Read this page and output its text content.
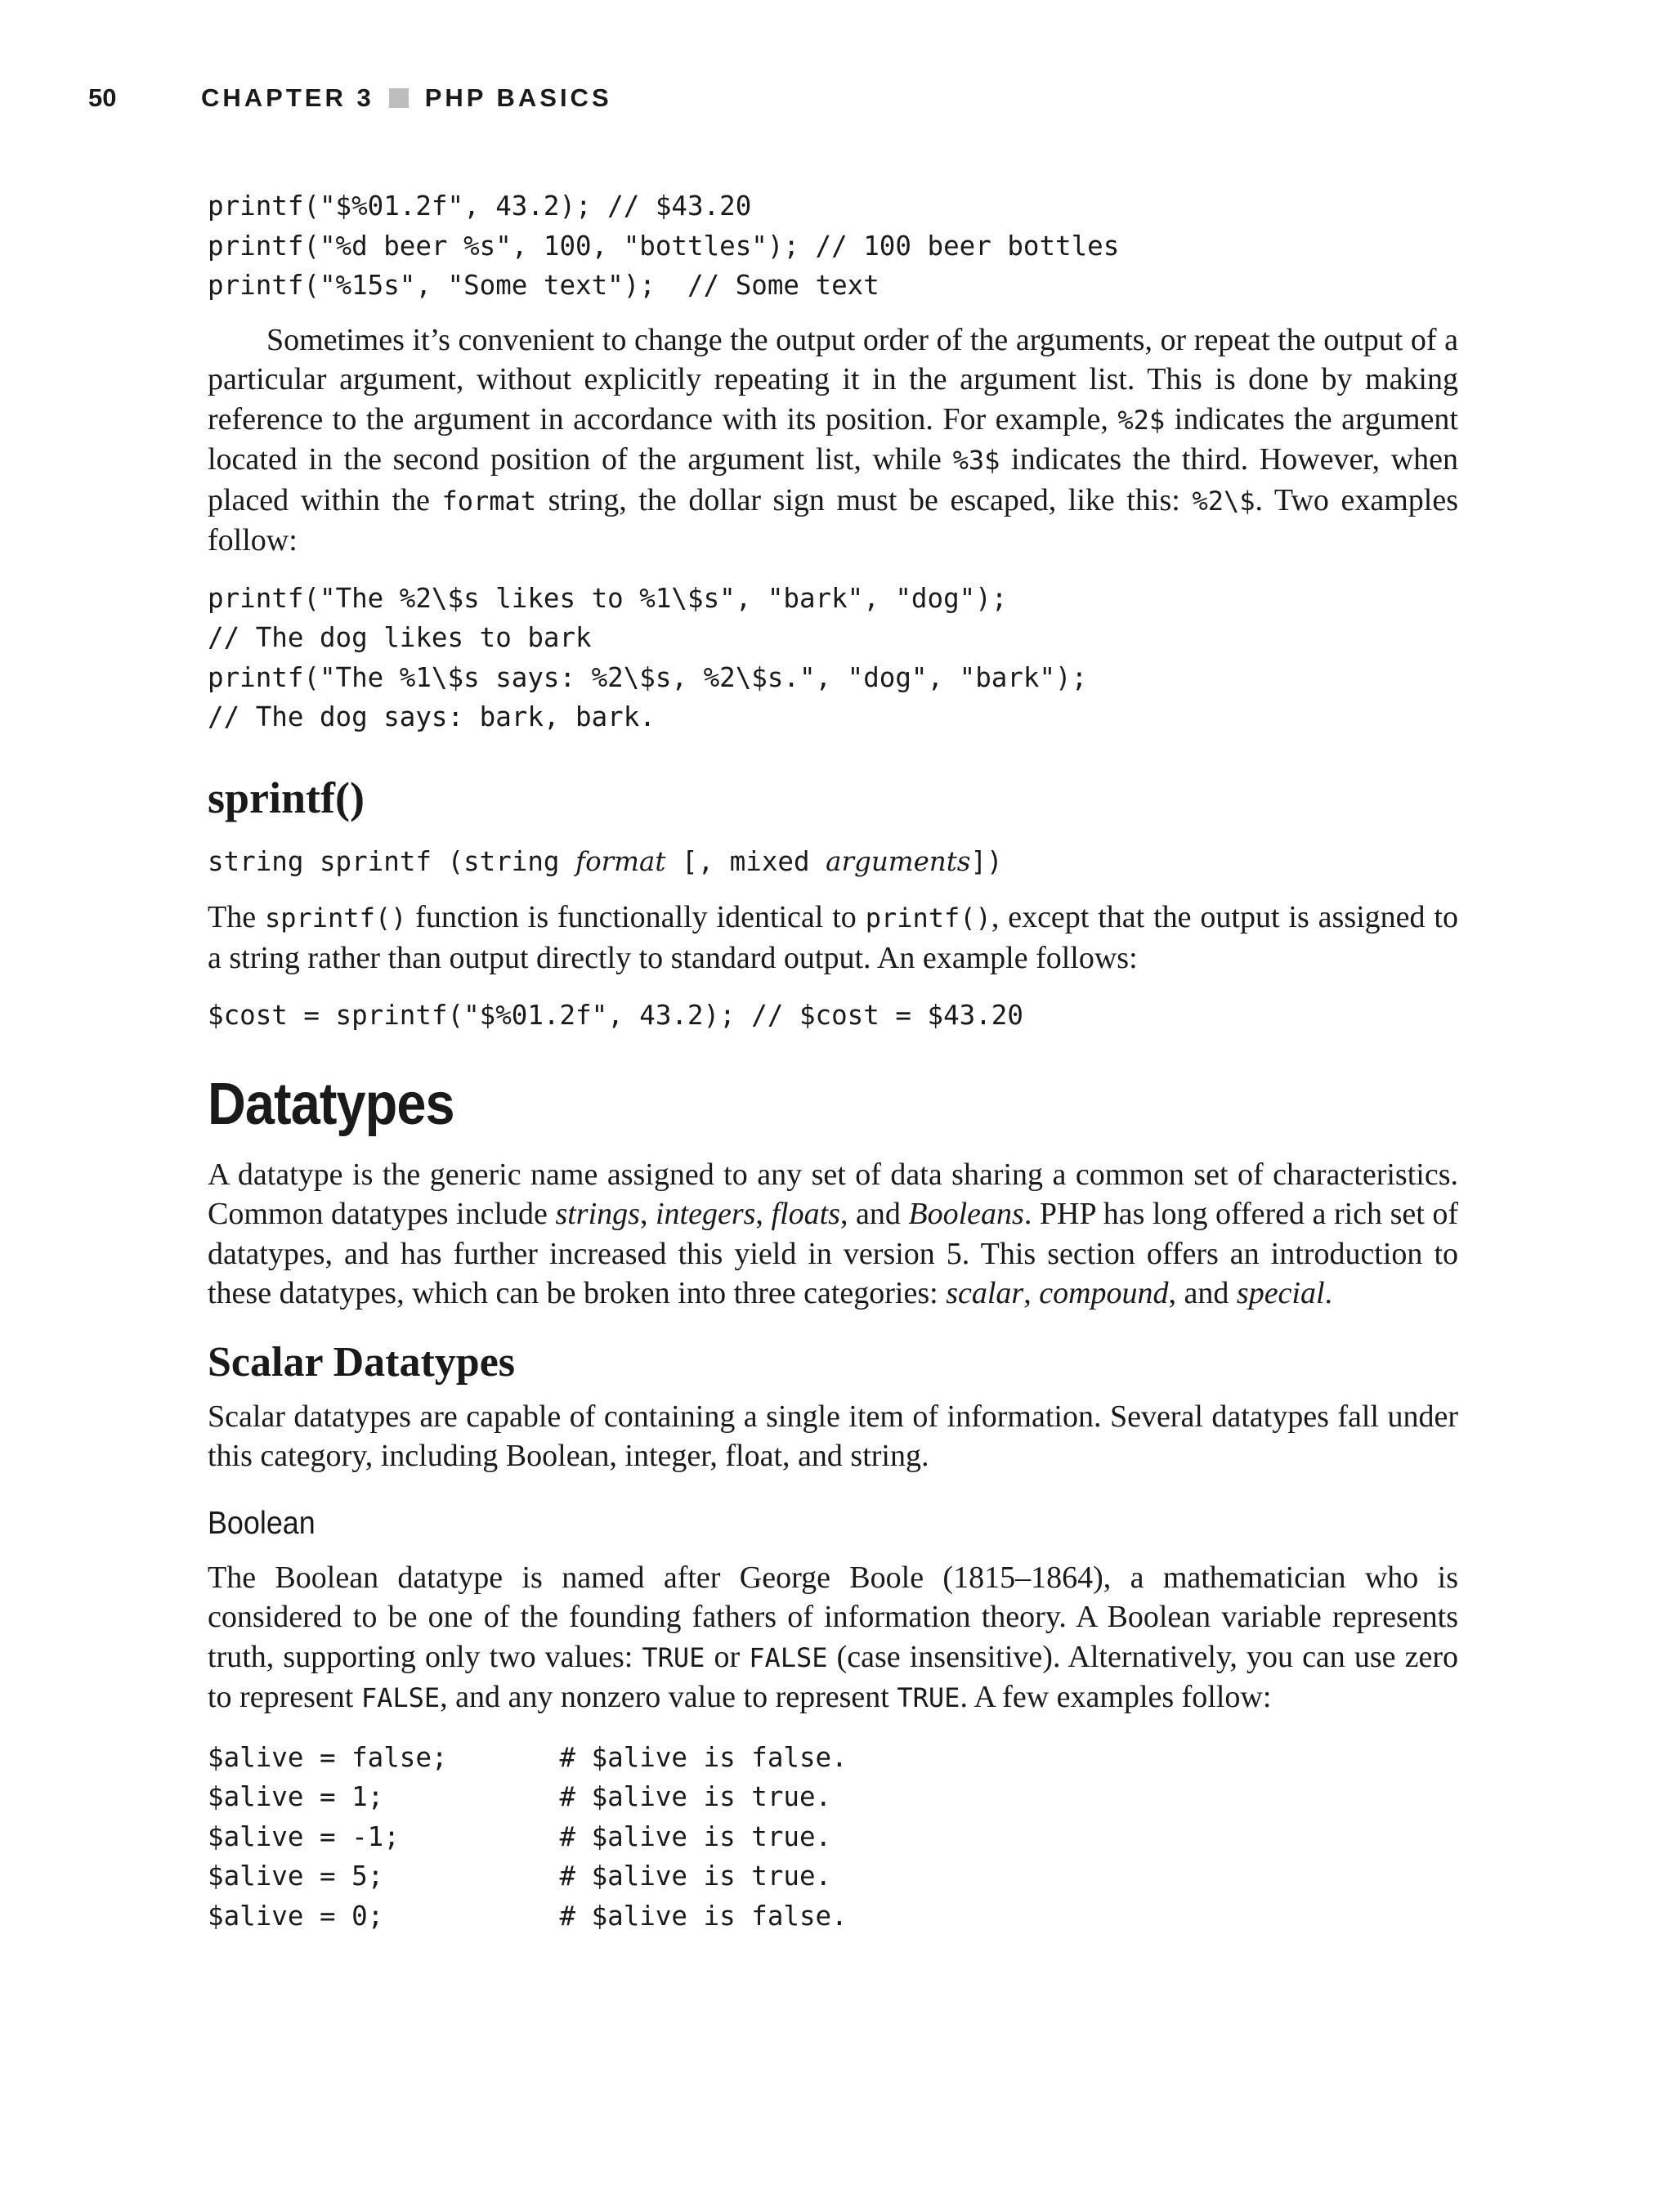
50	CHAPTER 3 PHP BASICS
printf("$%01.2f", 43.2); // $43.20
printf("%d beer %s", 100, "bottles"); // 100 beer bottles
printf("%15s", "Some text");  // Some text

Sometimes it’s convenient to change the output order of the arguments, or repeat the output of a particular argument, without explicitly repeating it in the argument list. This is done by making reference to the argument in accordance with its position. For example, %2$ indicates the argument located in the second position of the argument list, while %3$ indicates the third. However, when placed within the format string, the dollar sign must be escaped, like this: %2\$. Two examples follow:

printf("The %2\$s likes to %1\$s", "bark", "dog");
// The dog likes to bark
printf("The %1\$s says: %2\$s, %2\$s.", "dog", "bark");
// The dog says: bark, bark.
sprintf()
string sprintf (string format [, mixed arguments])

The sprintf() function is functionally identical to printf(), except that the output is assigned to a string rather than output directly to standard output. An example follows:

$cost = sprintf("$%01.2f", 43.2); // $cost = $43.20
Datatypes

A datatype is the generic name assigned to any set of data sharing a common set of characteristics. Common datatypes include strings, integers, floats, and Booleans. PHP has long offered a rich set of datatypes, and has further increased this yield in version 5. This section offers an introduction to these datatypes, which can be broken into three categories: scalar, compound, and special.

Scalar Datatypes

Scalar datatypes are capable of containing a single item of information. Several datatypes fall under this category, including Boolean, integer, float, and string.

Boolean

The Boolean datatype is named after George Boole (1815–1864), a mathematician who is considered to be one of the founding fathers of information theory. A Boolean variable represents truth, supporting only two values: TRUE or FALSE (case insensitive). Alternatively, you can use zero to represent FALSE, and any nonzero value to represent TRUE. A few examples follow:

$alive = false;       # $alive is false.
$alive = 1;           # $alive is true.
$alive = -1;          # $alive is true.
$alive = 5;           # $alive is true.
$alive = 0;           # $alive is false.
